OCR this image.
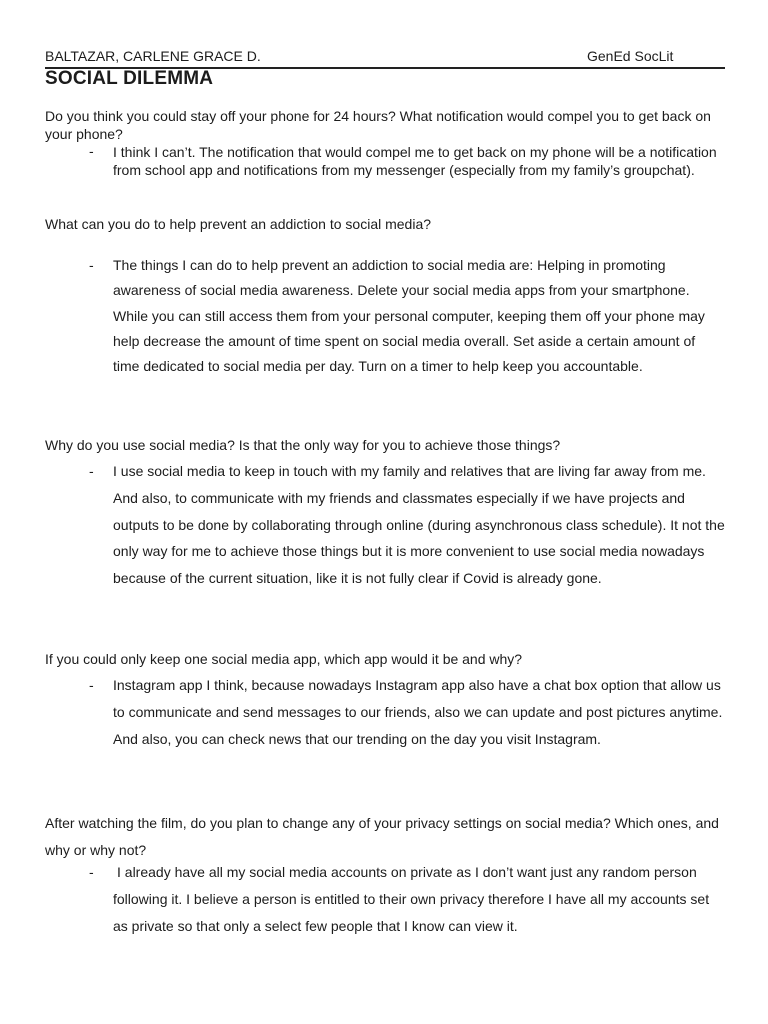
BALTAZAR, CARLENE GRACE D.	GenEd SocLit
SOCIAL DILEMMA
Do you think you could stay off your phone for 24 hours? What notification would compel you to get back on your phone?
- I think I can’t. The notification that would compel me to get back on my phone will be a notification from school app and notifications from my messenger (especially from my family’s groupchat).
What can you do to help prevent an addiction to social media?
- The things I can do to help prevent an addiction to social media are: Helping in promoting awareness of social media awareness. Delete your social media apps from your smartphone. While you can still access them from your personal computer, keeping them off your phone may help decrease the amount of time spent on social media overall. Set aside a certain amount of time dedicated to social media per day. Turn on a timer to help keep you accountable.
Why do you use social media? Is that the only way for you to achieve those things?
- I use social media to keep in touch with my family and relatives that are living far away from me. And also, to communicate with my friends and classmates especially if we have projects and outputs to be done by collaborating through online (during asynchronous class schedule). It not the only way for me to achieve those things but it is more convenient to use social media nowadays because of the current situation, like it is not fully clear if Covid is already gone.
If you could only keep one social media app, which app would it be and why?
- Instagram app I think, because nowadays Instagram app also have a chat box option that allow us to communicate and send messages to our friends, also we can update and post pictures anytime. And also, you can check news that our trending on the day you visit Instagram.
After watching the film, do you plan to change any of your privacy settings on social media? Which ones, and why or why not?
- I already have all my social media accounts on private as I don’t want just any random person following it. I believe a person is entitled to their own privacy therefore I have all my accounts set as private so that only a select few people that I know can view it.
